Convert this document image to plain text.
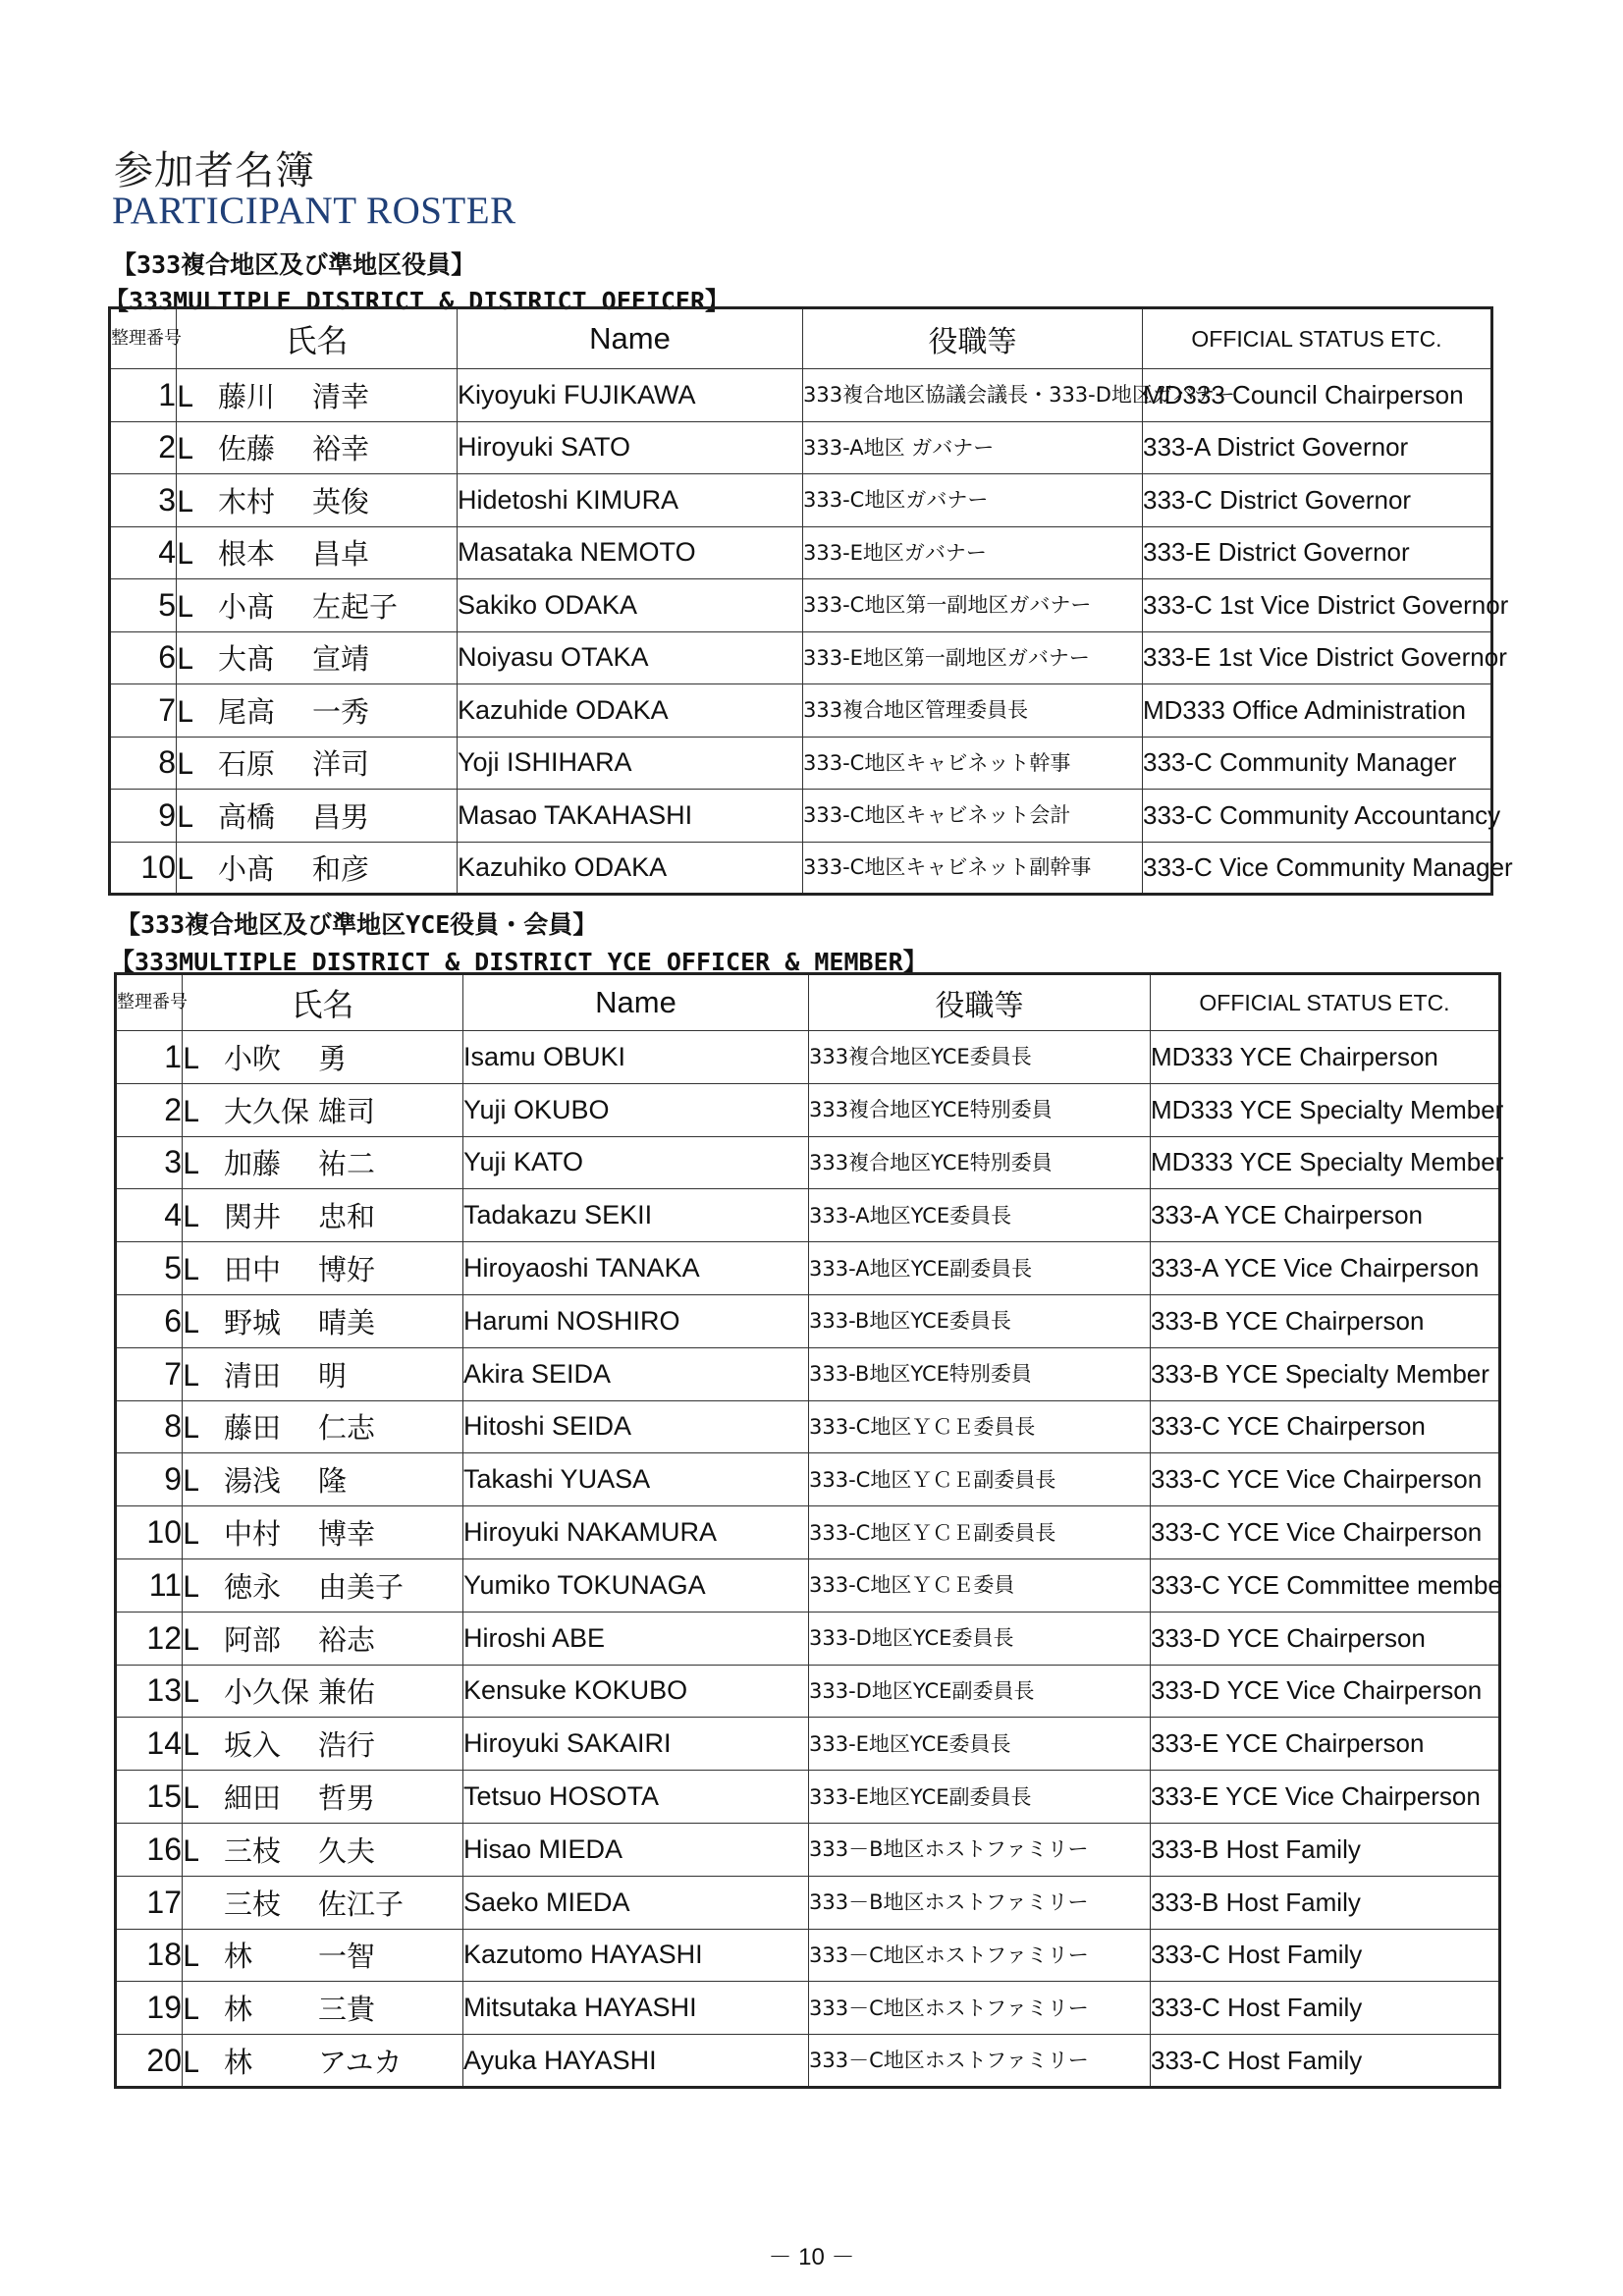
参加者名簿
PARTICIPANT ROSTER
【333複合地区及び準地区役員】
【333MULTIPLE DISTRICT & DISTRICT OFFICER】
整理番号	氏名	Name	役職等	OFFICIAL STATUS ETC.
1	L 藤川 清幸	Kiyoyuki FUJIKAWA	333複合地区協議会議長・333-D地区ガバナー	MD333 Council Chairperson
2	L 佐藤 裕幸	Hiroyuki SATO	333-A地区 ガバナー	333-A District Governor
3	L 木村 英俊	Hidetoshi KIMURA	333-C地区ガバナー	333-C District Governor
4	L 根本 昌卓	Masataka NEMOTO	333-E地区ガバナー	333-E District Governor
5	L 小髙 左起子	Sakiko ODAKA	333-C地区第一副地区ガバナー	333-C 1st Vice District Governor
6	L 大髙 宣靖	Noiyasu OTAKA	333-E地区第一副地区ガバナー	333-E 1st Vice District Governor
7	L 尾高 一秀	Kazuhide ODAKA	333複合地区管理委員長	MD333 Office Administration
8	L 石原 洋司	Yoji ISHIHARA	333-C地区キャビネット幹事	333-C Community Manager
9	L 高橋 昌男	Masao TAKAHASHI	333-C地区キャビネット会計	333-C Community Accountancy
10	L 小髙 和彦	Kazuhiko ODAKA	333-C地区キャビネット副幹事	333-C Vice Community Manager
【333複合地区及び準地区YCE役員・会員】
【333MULTIPLE DISTRICT & DISTRICT YCE OFFICER & MEMBER】
整理番号	氏名	Name	役職等	OFFICIAL STATUS ETC.
1	L 小吹 勇	Isamu OBUKI	333複合地区YCE委員長	MD333 YCE Chairperson
2	L 大久保 雄司	Yuji OKUBO	333複合地区YCE特別委員	MD333 YCE Specialty Member
3	L 加藤 祐二	Yuji KATO	333複合地区YCE特別委員	MD333 YCE Specialty Member
4	L 関井 忠和	Tadakazu SEKII	333-A地区YCE委員長	333-A YCE Chairperson
5	L 田中 博好	Hiroyaoshi TANAKA	333-A地区YCE副委員長	333-A YCE Vice Chairperson
6	L 野城 晴美	Harumi NOSHIRO	333-B地区YCE委員長	333-B YCE Chairperson
7	L 清田 明	Akira SEIDA	333-B地区YCE特別委員	333-B YCE Specialty Member
8	L 藤田 仁志	Hitoshi SEIDA	333-C地区ＹＣＥ委員長	333-C YCE Chairperson
9	L 湯浅 隆	Takashi YUASA	333-C地区ＹＣＥ副委員長	333-C YCE Vice Chairperson
10	L 中村 博幸	Hiroyuki NAKAMURA	333-C地区ＹＣＥ副委員長	333-C YCE Vice Chairperson
11	L 徳永 由美子	Yumiko TOKUNAGA	333-C地区ＹＣＥ委員	333-C YCE Committee membe
12	L 阿部 裕志	Hiroshi ABE	333-D地区YCE委員長	333-D YCE Chairperson
13	L 小久保 兼佑	Kensuke KOKUBO	333-D地区YCE副委員長	333-D YCE Vice Chairperson
14	L 坂入 浩行	Hiroyuki SAKAIRI	333-E地区YCE委員長	333-E YCE Chairperson
15	L 細田 哲男	Tetsuo HOSOTA	333-E地区YCE副委員長	333-E YCE Vice Chairperson
16	L 三枝 久夫	Hisao MIEDA	333－B地区ホストファミリー	333-B Host Family
17	三枝 佐江子	Saeko MIEDA	333－B地区ホストファミリー	333-B Host Family
18	L 林 一智	Kazutomo HAYASHI	333－C地区ホストファミリー	333-C Host Family
19	L 林 三貴	Mitsutaka HAYASHI	333－C地区ホストファミリー	333-C Host Family
20	L 林 アユカ	Ayuka HAYASHI	333－C地区ホストファミリー	333-C Host Family
－ 10 －
